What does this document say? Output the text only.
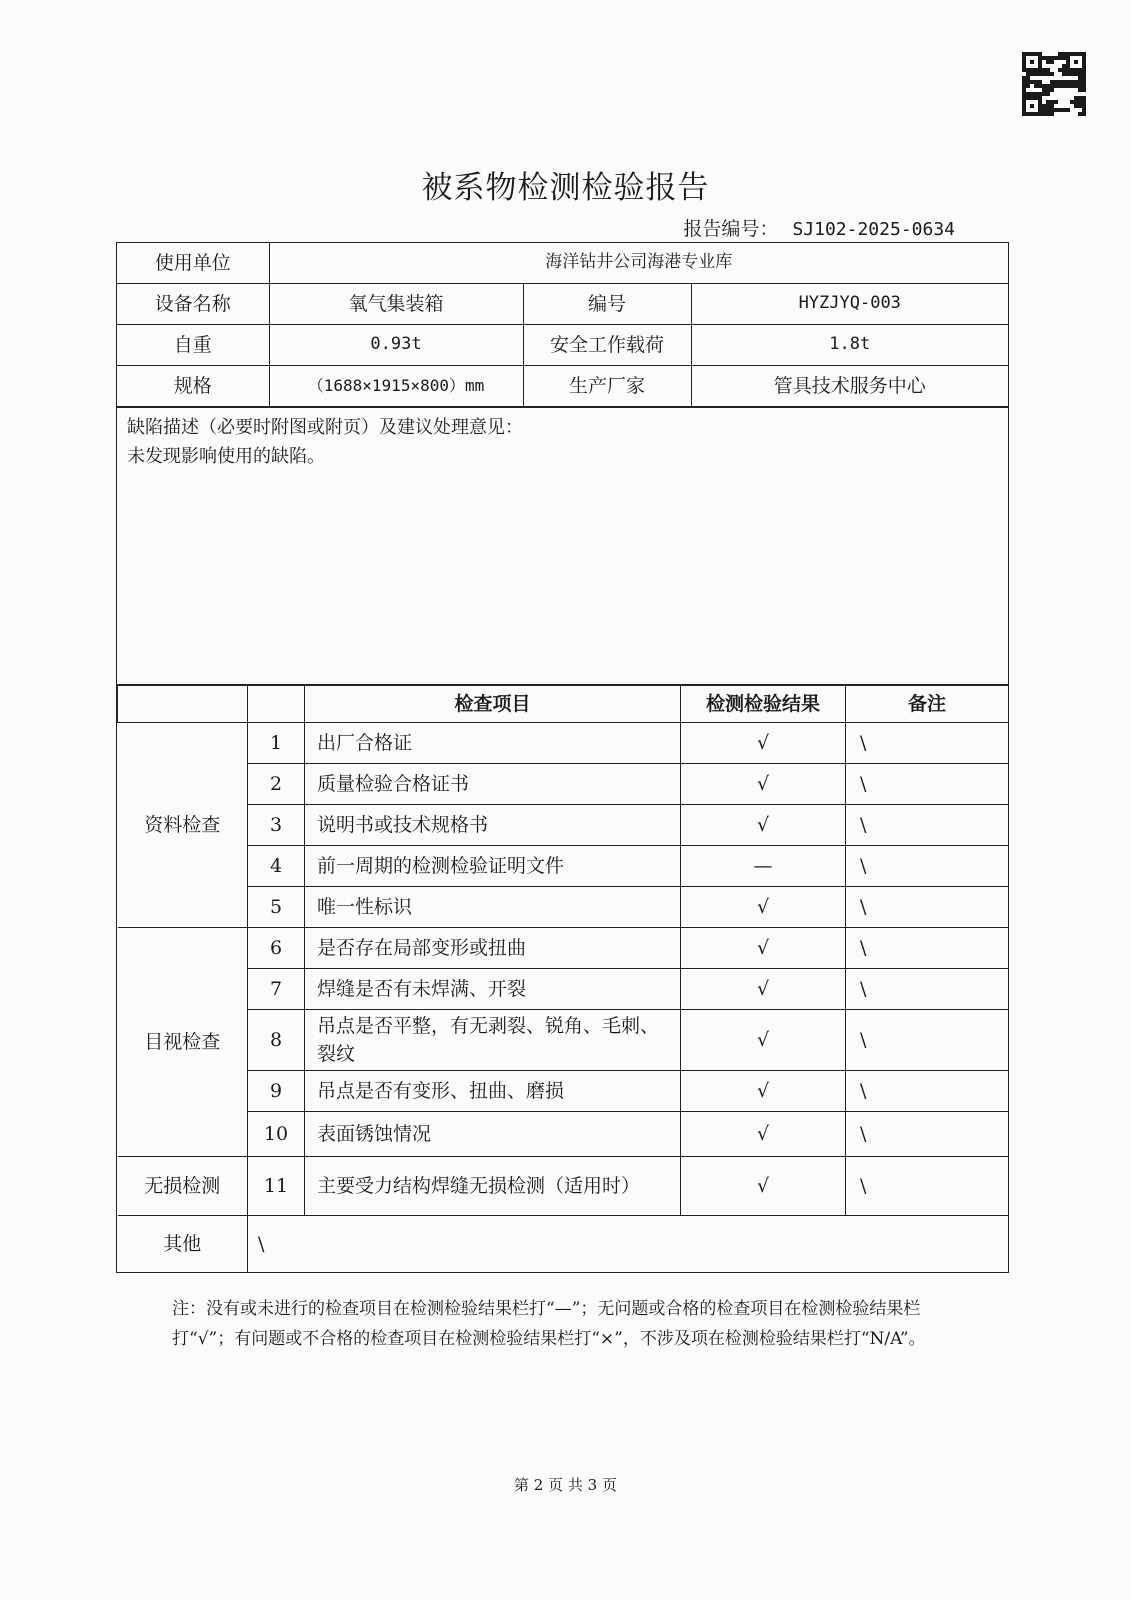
被系物检测检验报告
报告编号： SJ102-2025-0634
使用单位	海洋钻井公司海港专业库		
设备名称	氧气集装箱	编号	HYZJYQ-003
自重	0.93t	安全工作载荷	1.8t
规格	（1688×1915×800）mm	生产厂家	管具技术服务中心
缺陷描述（必要时附图或附页）及建议处理意见：
未发现影响使用的缺陷。
		检查项目	检测检验结果	备注
资料检查	1	出厂合格证	√	\
	2	质量检验合格证书	√	\
	3	说明书或技术规格书	√	\
	4	前一周期的检测检验证明文件	—	\
	5	唯一性标识	√	\
目视检查	6	是否存在局部变形或扭曲	√	\
	7	焊缝是否有未焊满、开裂	√	\
	8	吊点是否平整，有无剥裂、锐角、毛刺、裂纹	√	\
	9	吊点是否有变形、扭曲、磨损	√	\
	10	表面锈蚀情况	√	\
无损检测	11	主要受力结构焊缝无损检测（适用时）	√	\
其他	\			
注：没有或未进行的检查项目在检测检验结果栏打“—”；无问题或合格的检查项目在检测检验结果栏打“√”；有问题或不合格的检查项目在检测检验结果栏打“×”，不涉及项在检测检验结果栏打“N/A”。
第 2 页 共 3 页
